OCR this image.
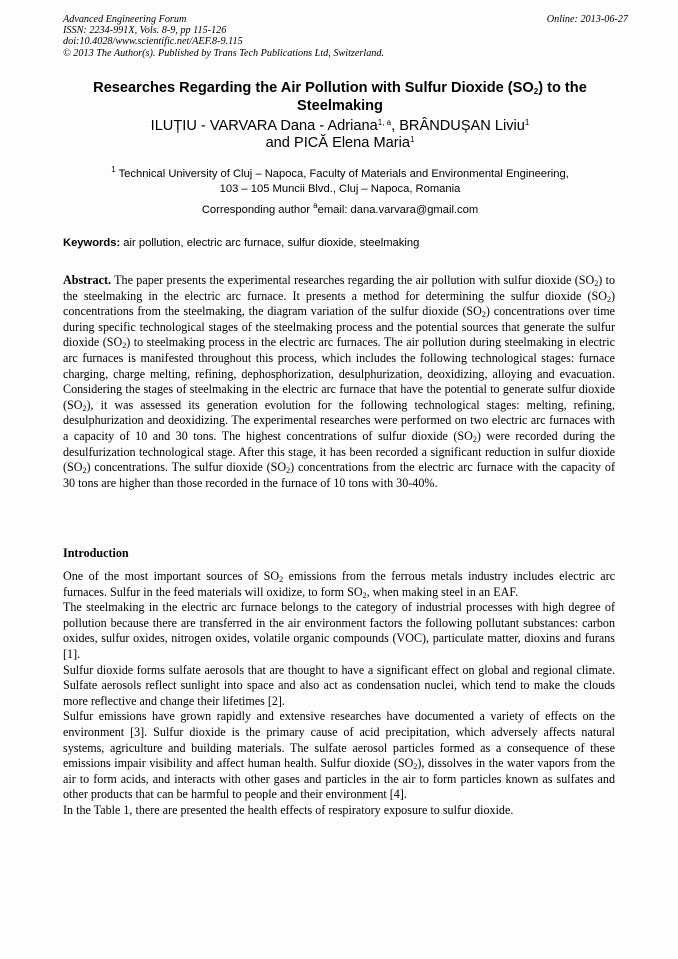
Advanced Engineering Forum
ISSN: 2234-991X, Vols. 8-9, pp 115-126
doi:10.4028/www.scientific.net/AEF.8-9.115
© 2013 The Author(s). Published by Trans Tech Publications Ltd, Switzerland.
Online: 2013-06-27
Researches Regarding the Air Pollution with Sulfur Dioxide $(SO_2)$ to the Steelmaking
ILUȚIU - VARVARA Dana - Adriana$^{1, a}$, BRÂNDUȘAN Liviu$^1$
and PICĂ Elena Maria$^1$
$^1$ Technical University of Cluj – Napoca, Faculty of Materials and Environmental Engineering,
103 – 105 Muncii Blvd., Cluj – Napoca, Romania
Corresponding author $^a$email: dana.varvara@gmail.com
Keywords: air pollution, electric arc furnace, sulfur dioxide, steelmaking
Abstract. The paper presents the experimental researches regarding the air pollution with sulfur dioxide $(SO_2)$ to the steelmaking in the electric arc furnace. It presents a method for determining the sulfur dioxide $(SO_2)$ concentrations from the steelmaking, the diagram variation of the sulfur dioxide $(SO_2)$ concentrations over time during specific technological stages of the steelmaking process and the potential sources that generate the sulfur dioxide $(SO_2)$ to steelmaking process in the electric arc furnaces. The air pollution during steelmaking in electric arc furnaces is manifested throughout this process, which includes the following technological stages: furnace charging, charge melting, refining, dephosphorization, desulphurization, deoxidizing, alloying and evacuation. Considering the stages of steelmaking in the electric arc furnace that have the potential to generate sulfur dioxide $(SO_2)$, it was assessed its generation evolution for the following technological stages: melting, refining, desulphurization and deoxidizing. The experimental researches were performed on two electric arc furnaces with a capacity of 10 and 30 tons. The highest concentrations of sulfur dioxide $(SO_2)$ were recorded during the desulfurization technological stage. After this stage, it has been recorded a significant reduction in sulfur dioxide $(SO_2)$ concentrations. The sulfur dioxide $(SO_2)$ concentrations from the electric arc furnace with the capacity of 30 tons are higher than those recorded in the furnace of 10 tons with 30-40%.
Introduction

One of the most important sources of $SO_2$ emissions from the ferrous metals industry includes electric arc furnaces. Sulfur in the feed materials will oxidize, to form $SO_2$, when making steel in an EAF.

The steelmaking in the electric arc furnace belongs to the category of industrial processes with high degree of pollution because there are transferred in the air environment factors the following pollutant substances: carbon oxides, sulfur oxides, nitrogen oxides, volatile organic compounds (VOC), particulate matter, dioxins and furans [1].

Sulfur dioxide forms sulfate aerosols that are thought to have a significant effect on global and regional climate. Sulfate aerosols reflect sunlight into space and also act as condensation nuclei, which tend to make the clouds more reflective and change their lifetimes [2].

Sulfur emissions have grown rapidly and extensive researches have documented a variety of effects on the environment [3]. Sulfur dioxide is the primary cause of acid precipitation, which adversely affects natural systems, agriculture and building materials. The sulfate aerosol particles formed as a consequence of these emissions impair visibility and affect human health. Sulfur dioxide $(SO_2)$, dissolves in the water vapors from the air to form acids, and interacts with other gases and particles in the air to form particles known as sulfates and other products that can be harmful to people and their environment [4].

In the Table 1, there are presented the health effects of respiratory exposure to sulfur dioxide.
